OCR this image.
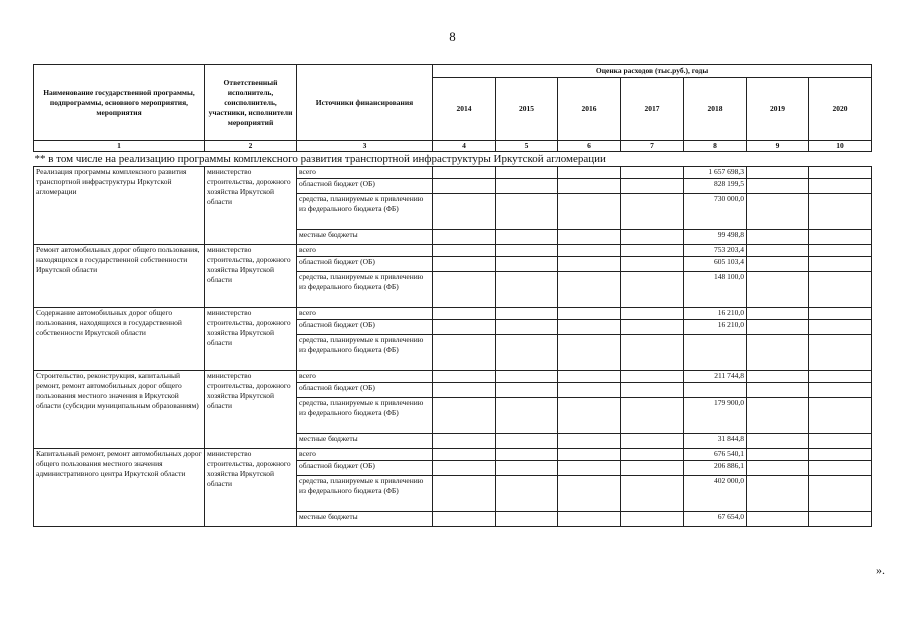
8
Наименование государственной программы, подпрограммы, основного мероприятия, мероприятия	Ответственный исполнитель, соисполнитель, участники, исполнители мероприятий	Источники финансирования	Оценка расходов (тыс.руб.), годы						
			2014	2015	2016	2017	2018	2019	2020
1	2	3	4	5	6	7	8	9	10
** в том числе на реализацию программы комплексного развития транспортной инфраструктуры Иркутской агломерации									
Реализация программы комплексного развития транспортной инфраструктуры Иркутской агломерации	министерство строительства, дорожного хозяйства Иркутской области	всего					1 657 698,3		
		областной бюджет (ОБ)					828 199,5		
		средства, планируемые к привлечению из федерального бюджета (ФБ)					730 000,0		
		местные бюджеты					99 498,8		
Ремонт автомобильных дорог общего пользования, находящихся в государственной собственности Иркутской области	министерство строительства, дорожного хозяйства Иркутской области	всего					753 203,4		
		областной бюджет (ОБ)					605 103,4		
		средства, планируемые к привлечению из федерального бюджета (ФБ)					148 100,0		
Содержание автомобильных дорог общего пользования, находящихся в государственной собственности Иркутской области	министерство строительства, дорожного хозяйства Иркутской области	всего					16 210,0		
		областной бюджет (ОБ)					16 210,0		
		средства, планируемые к привлечению из федерального бюджета (ФБ)							
Строительство, реконструкция, капитальный ремонт, ремонт автомобильных дорог общего пользования местного значения в Иркутской области (субсидии муниципальным образованиям)	министерство строительства, дорожного хозяйства Иркутской области	всего					211 744,8		
		областной бюджет (ОБ)							
		средства, планируемые к привлечению из федерального бюджета (ФБ)					179 900,0		
		местные бюджеты					31 844,8		
Капитальный ремонт, ремонт автомобильных дорог общего пользования местного значения административного центра Иркутской области	министерство строительства, дорожного хозяйства Иркутской области	всего					676 540,1		
		областной бюджет (ОБ)					206 886,1		
		средства, планируемые к привлечению из федерального бюджета (ФБ)					402 000,0		
		местные бюджеты					67 654,0		
».
